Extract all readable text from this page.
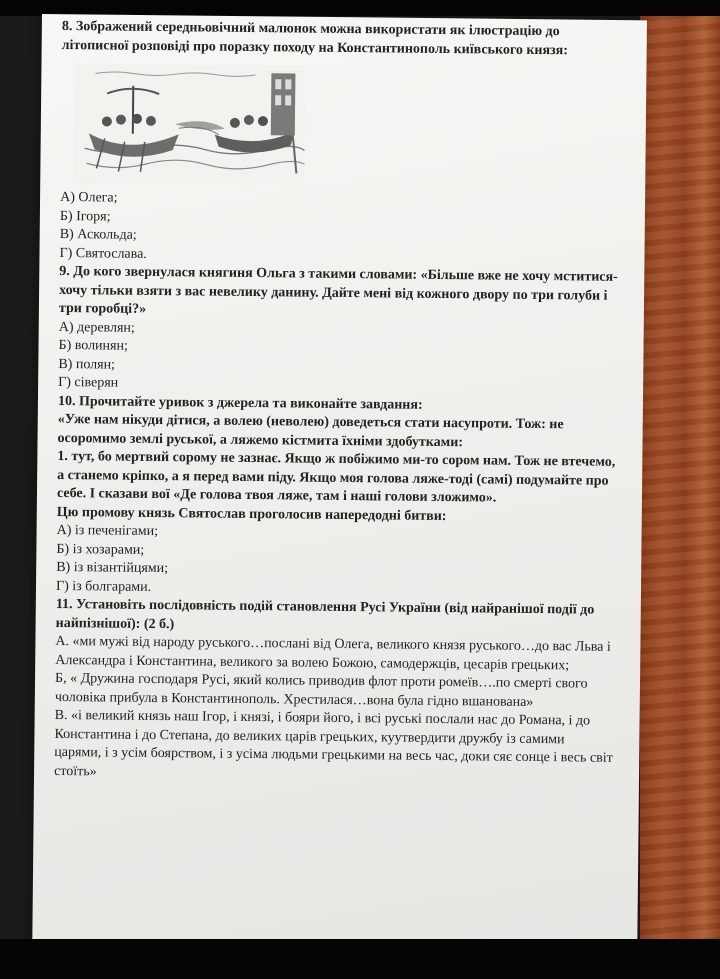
8. Зображений середньовічний малюнок можна використати як ілюстрацію до літописної розповіді про поразку походу на Константинополь київського князя:

А) Олега;

Б) Ігоря;

В) Аскольда;

Г) Святослава.

9. До кого звернулася княгиня Ольга з такими словами: «Більше вже не хочу мститися-хочу тільки взяти з вас невелику данину. Дайте мені від кожного двору по три голуби і три горобці?»

А) деревлян;

Б) волинян;

В) полян;

Г) сіверян

10. Прочитайте уривок з джерела та виконайте завдання:

«Уже нам нікуди дітися, а волею (неволею) доведеться стати насупроти. Тож: не осоромимо землі руської, а ляжемо кістмита їхніми здобутками:

1. тут, бо мертвий сорому не зазнає. Якщо ж побіжимо ми-то сором нам. Тож не втечемо, а станемо кріпко, а я перед вами піду. Якщо моя голова ляже-тоді (самі) подумайте про себе. І сказави вої «Де голова твоя ляже, там і наші голови зложимо».

Цю промову князь Святослав проголосив напередодні битви:

А) із печенігами;

Б) із хозарами;

В) із візантійцями;

Г) із болгарами.

11. Установіть послідовність подій становлення Русі України (від найранішої події до найпізнішої): (2 б.)

А. «ми мужі від народу руського…послані від Олега, великого князя руського…до вас Льва і Александра і Константина, великого за волею Божою, самодержців, цесарів грецьких;

Б, « Дружина господаря Русі, який колись приводив флот проти ромеїв….по смерті свого чоловіка прибула в Константинополь. Хрестилася…вона була гідно вшанована»

В. «і великий князь наш Ігор, і князі, і бояри його, і всі руські послали нас до Романа, і до Константина і до Степана, до великих царів грецьких, куутвердити дружбу із самими царями, і з усім боярством, і з усіма людьми грецькими на весь час, доки сяє сонце і весь світ стоїть»
